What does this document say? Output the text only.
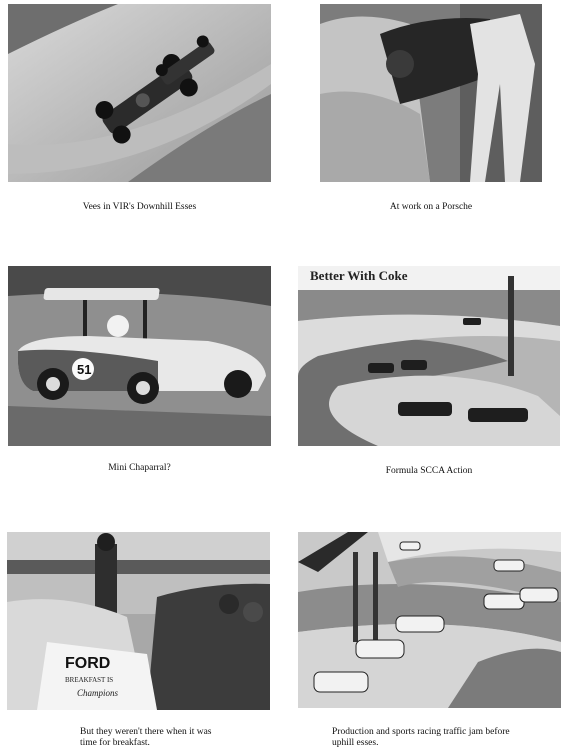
Vees in VIR's Downhill Esses	At work on a Porsche
51
Mini Chaparral?
Better With Coke
Formula SCCA Action
FORD
BREAKFAST IS
Champions
But they weren't there when it was
time for breakfast.
Production and sports racing traffic jam before
uphill esses.
